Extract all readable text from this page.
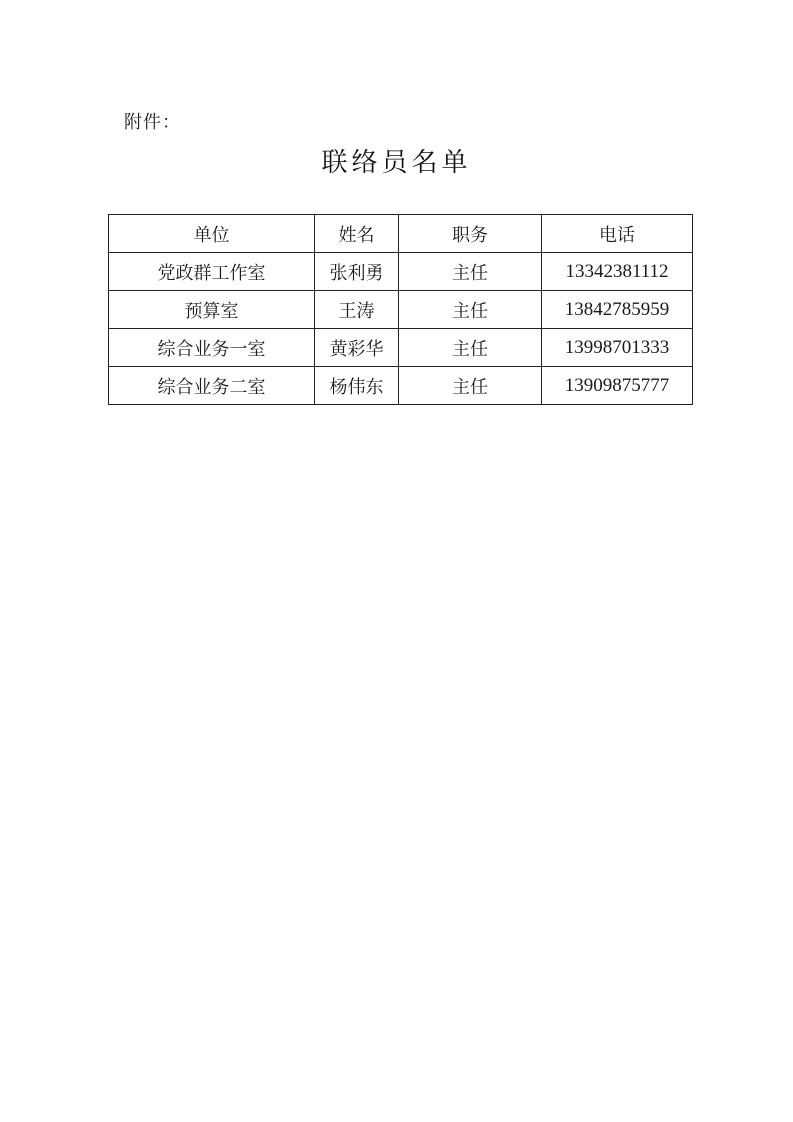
附件：
联络员名单
单位	姓名	职务	电话
党政群工作室	张利勇	主任	13342381112
预算室	王涛	主任	13842785959
综合业务一室	黄彩华	主任	13998701333
综合业务二室	杨伟东	主任	13909875777
